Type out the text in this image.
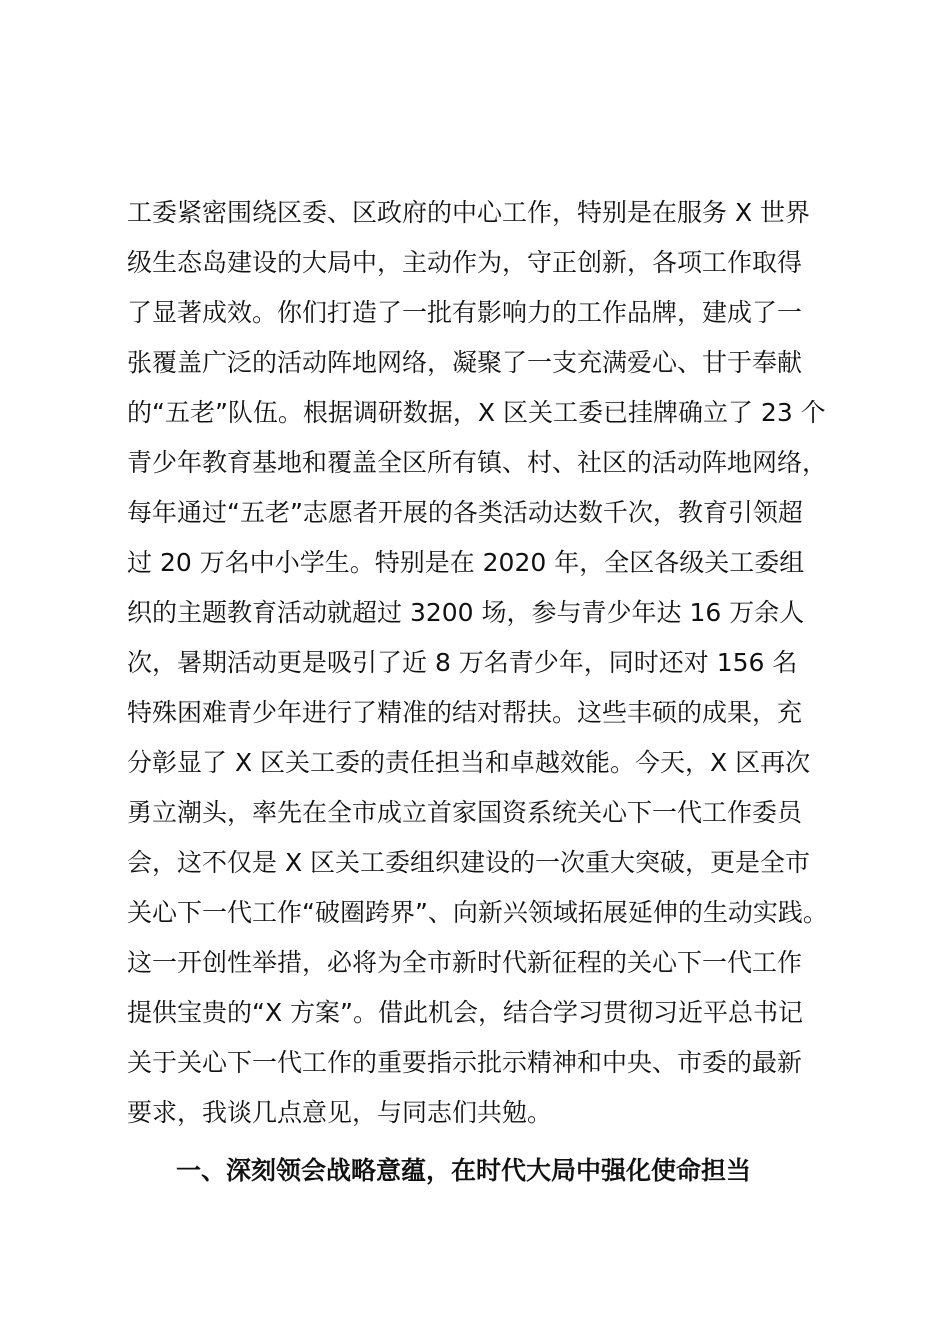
工委紧密围绕区委、区政府的中心工作，特别是在服务 X 世界
级生态岛建设的大局中，主动作为，守正创新，各项工作取得
了显著成效。你们打造了一批有影响力的工作品牌，建成了一
张覆盖广泛的活动阵地网络，凝聚了一支充满爱心、甘于奉献
的“五老”队伍。根据调研数据，X 区关工委已挂牌确立了 23 个
青少年教育基地和覆盖全区所有镇、村、社区的活动阵地网络，
每年通过“五老”志愿者开展的各类活动达数千次，教育引领超
过 20 万名中小学生。特别是在 2020 年，全区各级关工委组
织的主题教育活动就超过 3200 场，参与青少年达 16 万余人
次，暑期活动更是吸引了近 8 万名青少年，同时还对 156 名
特殊困难青少年进行了精准的结对帮扶。这些丰硕的成果，充
分彰显了 X 区关工委的责任担当和卓越效能。今天，X 区再次
勇立潮头，率先在全市成立首家国资系统关心下一代工作委员
会，这不仅是 X 区关工委组织建设的一次重大突破，更是全市
关心下一代工作“破圈跨界”、向新兴领域拓展延伸的生动实践。
这一开创性举措，必将为全市新时代新征程的关心下一代工作
提供宝贵的“X 方案”。借此机会，结合学习贯彻习近平总书记
关于关心下一代工作的重要指示批示精神和中央、市委的最新
要求，我谈几点意见，与同志们共勉。
一、深刻领会战略意蕴，在时代大局中强化使命担当
